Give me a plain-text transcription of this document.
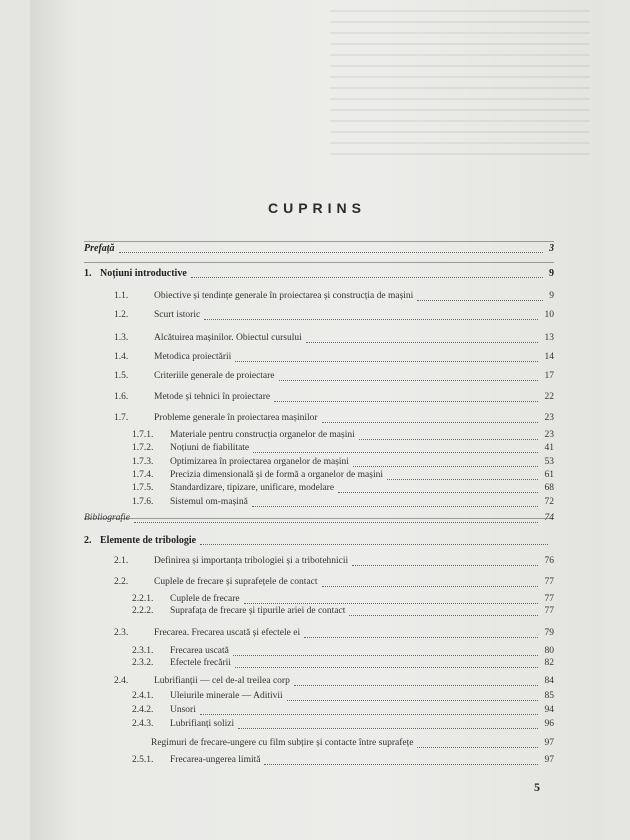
CUPRINS
Prefață	3
1. Noțiuni introductive	9
1.1.	Obiective și tendințe generale în proiectarea și construcția de mașini	9
1.2.	Scurt istoric	10
1.3.	Alcătuirea mașinilor. Obiectul cursului	13
1.4.	Metodica proiectării	14
1.5.	Criteriile generale de proiectare	17
1.6.	Metode și tehnici în proiectare	22
1.7.	Probleme generale în proiectarea mașinilor	23
1.7.1. Materiale pentru construcția organelor de mașini	23
1.7.2. Noțiuni de fiabilitate	41
1.7.3. Optimizarea în proiectarea organelor de mașini	53
1.7.4. Precizia dimensională și de formă a organelor de mașini	61
1.7.5. Standardizare, tipizare, unificare, modelare	68
1.7.6. Sistemul om-mașină	72
Bibliografie	74
2. Elemente de tribologie
2.1.	Definirea și importanța tribologiei și a tribotehnicii	76
2.2.	Cuplele de frecare și suprafețele de contact	77
2.2.1. Cuplele de frecare	77
2.2.2. Suprafața de frecare și tipurile ariei de contact	77
2.3.	Frecarea. Frecarea uscată și efectele ei	79
2.3.1. Frecarea uscată	80
2.3.2. Efectele frecării	82
2.4.	Lubrifianții — cel de-al treilea corp	84
2.4.1. Uleiurile minerale — Aditivii	85
2.4.2. Unsori	94
2.4.3. Lubrifianți solizi	96
Regimuri de frecare-ungere cu film subțire și contacte între suprafețe	97
2.5.1. Frecarea-ungerea limită	97
5
